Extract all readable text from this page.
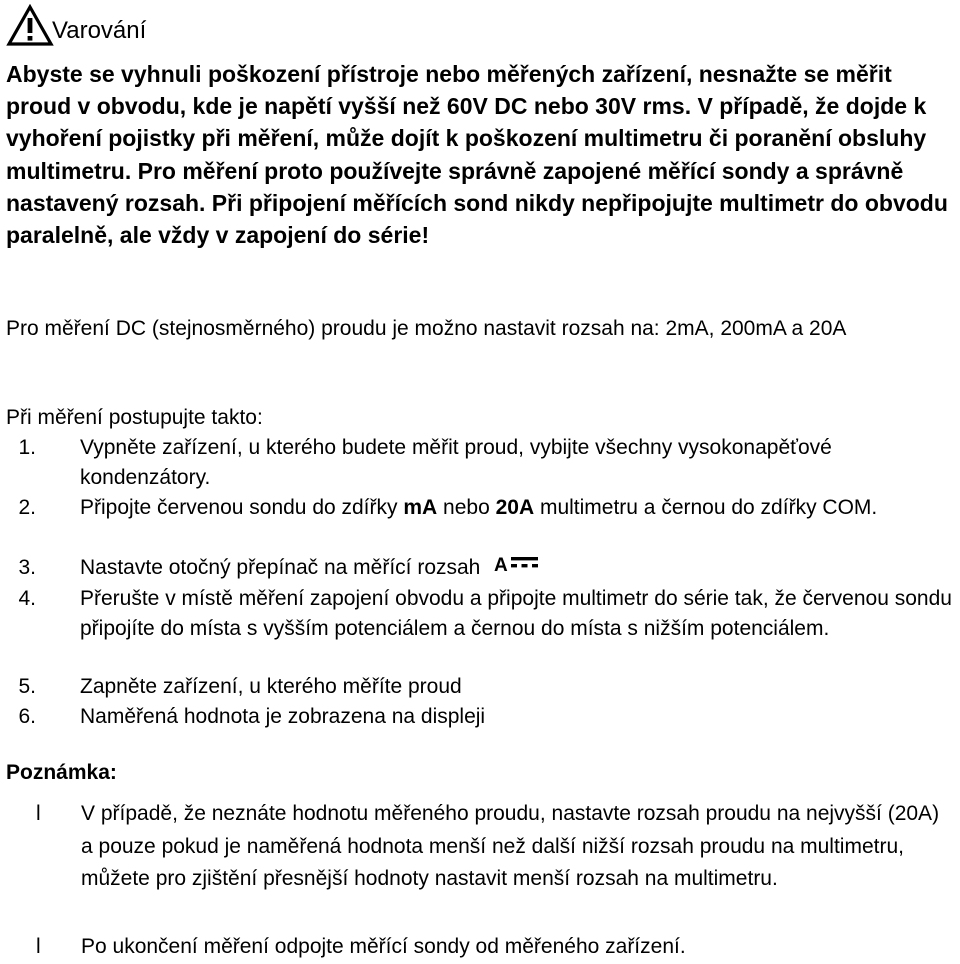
Varování

Abyste se vyhnuli poškození přístroje nebo měřených zařízení, nesnažte se měřit proud v obvodu, kde je napětí vyšší než 60V DC nebo 30V rms. V případě, že dojde k vyhoření pojistky při měření, může dojít k poškození multimetru či poranění obsluhy multimetru. Pro měření proto používejte správně zapojené měřící sondy a správně nastavený rozsah. Při připojení měřících sond nikdy nepřipojujte multimetr do obvodu paralelně, ale vždy v zapojení do série!

Pro měření DC (stejnosměrného) proudu je možno nastavit rozsah na: 2mA, 200mA a 20A
Při měření postupujte takto:
1. Vypněte zařízení, u kterého budete měřit proud, vybijte všechny vysokonapěťové kondenzátory.
2. Připojte červenou sondu do zdířky mA nebo 20A multimetru a černou do zdířky COM.
3. Nastavte otočný přepínač na měřící rozsah A
4. Přerušte v místě měření zapojení obvodu a připojte multimetr do série tak, že červenou sondu připojíte do místa s vyšším potenciálem a černou do místa s nižším potenciálem.
5. Zapněte zařízení, u kterého měříte proud
6. Naměřená hodnota je zobrazena na displeji
Poznámka:
l V případě, že neznáte hodnotu měřeného proudu, nastavte rozsah proudu na nejvyšší (20A) a pouze pokud je naměřená hodnota menší než další nižší rozsah proudu na multimetru, můžete pro zjištění přesnější hodnoty nastavit menší rozsah na multimetru.
l Po ukončení měření odpojte měřící sondy od měřeného zařízení.
